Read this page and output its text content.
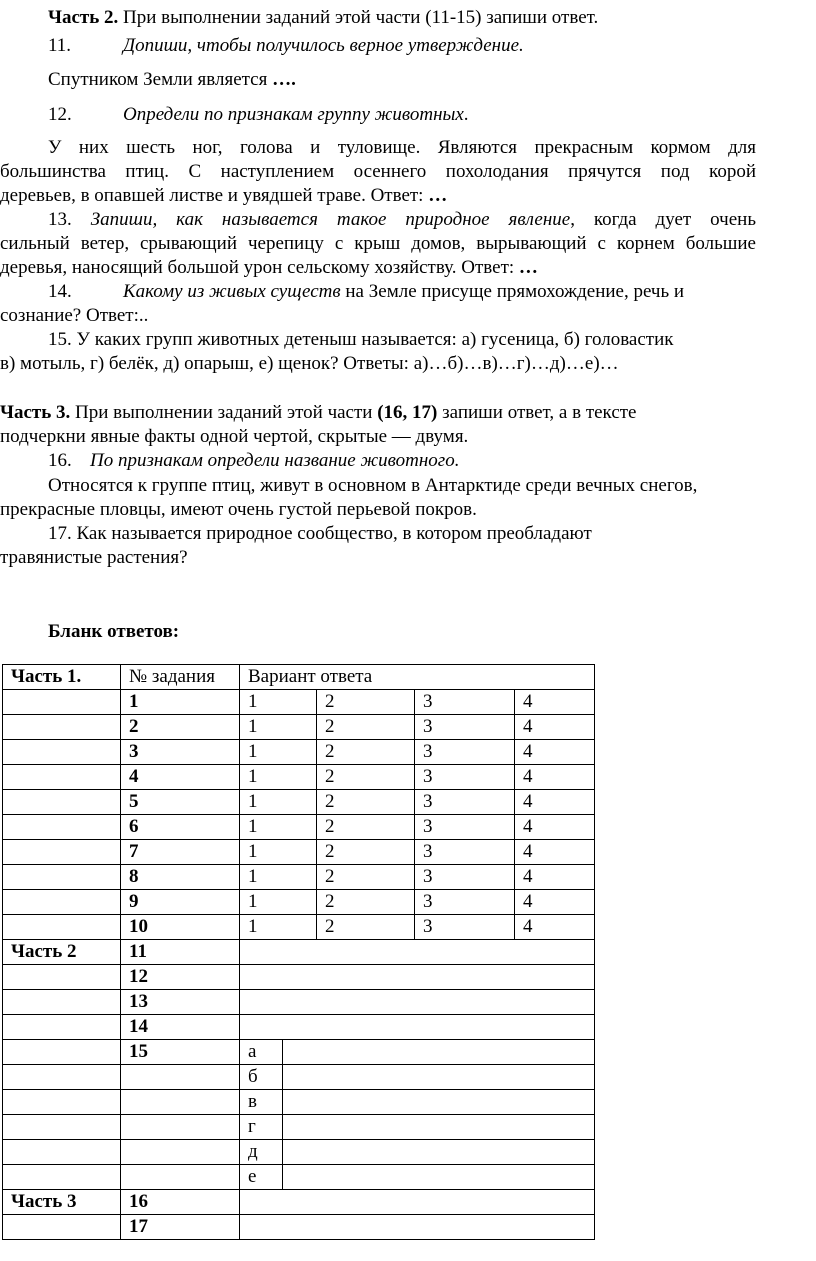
Часть 2. При выполнении заданий этой части (11-15) запиши ответ.
11.	Допиши, чтобы получилось верное утверждение.
Спутником Земли является ….
12.	Определи по признакам группу животных.
У них шесть ног, голова и туловище. Являются прекрасным кормом для
большинства птиц. С наступлением осеннего похолодания прячутся под корой
деревьев, в опавшей листве и увядшей траве. Ответ: …
13. Запиши, как называется такое природное явление, когда дует очень
сильный ветер, срывающий черепицу с крыш домов, вырывающий с корнем большие
деревья, наносящий большой урон сельскому хозяйству. Ответ: …
14.	Какому из живых существ на Земле присуще прямохождение, речь и
сознание? Ответ:..
15. У каких групп животных детеныш называется: а) гусеница, б) головастик
в) мотыль, г) белёк, д) опарыш, е) щенок? Ответы: а)…б)…в)…г)…д)…е)…
Часть 3. При выполнении заданий этой части (16, 17) запиши ответ, а в тексте
подчеркни явные факты одной чертой, скрытые — двумя.
16.По признакам определи название животного.
Относятся к группе птиц, живут в основном в Антарктиде среди вечных снегов,
прекрасные пловцы, имеют очень густой перьевой покров.
17. Как называется природное сообщество, в котором преобладают
травянистые растения?
Бланк ответов:
Часть 1.	№ задания	Вариант ответа				
	1	1		2	3	4
	2	1		2	3	4
	3	1		2	3	4
	4	1		2	3	4
	5	1		2	3	4
	6	1		2	3	4
	7	1		2	3	4
	8	1		2	3	4
	9	1		2	3	4
	10	1		2	3	4
Часть 2	11					
	12					
	13					
	14					
	15	а				
		б				
		в				
		г				
		д				
		е				
Часть 3	16					
	17					
